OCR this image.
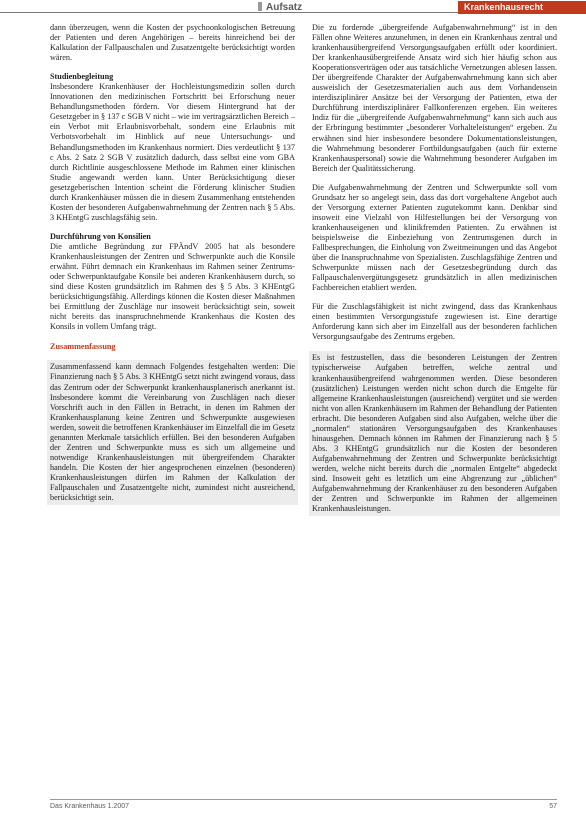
Aufsatz	Krankenhausrecht

dann überzeugen, wenn die Kosten der psychoonkologischen Betreuung der Patienten und deren Angehörigen – bereits hinreichend bei der Kalkulation der Fallpauschalen und Zusatzentgelte berücksichtigt worden wären.

Studienbegleitung

Insbesondere Krankenhäuser der Hochleistungsmedizin sollen durch Innovationen den medizinischen Fortschritt bei Erforschung neuer Behandlungsmethoden fördern. Vor diesem Hintergrund hat der Gesetzgeber in § 137 c SGB V nicht – wie im vertragsärztlichen Bereich – ein Verbot mit Erlaubnisvorbehalt, sondern eine Erlaubnis mit Verbotsvorbehalt im Hinblick auf neue Untersuchungs- und Behandlungsmethoden im Krankenhaus normiert. Dies verdeutlicht § 137 c Abs. 2 Satz 2 SGB V zusätzlich dadurch, dass selbst eine vom GBA durch Richtlinie ausgeschlossene Methode im Rahmen einer klinischen Studie angewandt werden kann. Unter Berücksichtigung dieser gesetzgeberischen Intention scheint die Förderung klinischer Studien durch Krankenhäuser müssen die in diesem Zusammenhang entstehenden Kosten der besonderen Aufgabenwahrnehmung der Zentren nach § 5 Abs. 3 KHEntgG zuschlagsfähig sein.

Durchführung von Konsilien

Die amtliche Begründung zur FPÄndV 2005 hat als besondere Krankenhausleistungen der Zentren und Schwerpunkte auch die Konsile erwähnt. Führt demnach ein Krankenhaus im Rahmen seiner Zentrums- oder Schwerpunktaufgabe Konsile bei anderen Krankenhäusern durch, so sind diese Kosten grundsätzlich im Rahmen des § 5 Abs. 3 KHEntgG berücksichtigungsfähig. Allerdings können die Kosten dieser Maßnahmen bei Ermittlung der Zuschläge nur insoweit berücksichtigt sein, soweit nicht bereits das inanspruchnehmende Krankenhaus die Kosten des Konsils in vollem Umfang trägt.

Zusammenfassung
Zusammenfassend kann demnach Folgendes festgehalten werden: Die Finanzierung nach § 5 Abs. 3 KHEntgG setzt nicht zwingend voraus, dass das Zentrum oder der Schwerpunkt krankenhausplanerisch anerkannt ist. Insbesondere kommt die Vereinbarung von Zuschlägen nach dieser Vorschrift auch in den Fällen in Betracht, in denen im Rahmen der Krankenhausplanung keine Zentren und Schwerpunkte ausgewiesen werden, soweit die betroffenen Krankenhäuser im Einzelfall die im Gesetz genannten Merkmale tatsächlich erfüllen. Bei den besonderen Aufgaben der Zentren und Schwerpunkte muss es sich um allgemeine und notwendige Krankenhausleistungen mit übergreifendem Charakter handeln. Die Kosten der hier angesprochenen einzelnen (besonderen) Krankenhausleistungen dürfen im Rahmen der Kalkulation der Fallpauschalen und Zusatzentgelte nicht, zumindest nicht ausreichend, berücksichtigt sein.

Die zu fordernde „übergreifende Aufgabenwahrnehmung“ ist in den Fällen ohne Weiteres anzunehmen, in denen ein Krankenhaus zentral und krankenhausübergreifend Versorgungsaufgaben erfüllt oder koordiniert. Der krankenhausübergreifende Ansatz wird sich hier häufig schon aus Kooperationsverträgen oder aus tatsächliche Vernetzungen ablesen lassen. Der übergreifende Charakter der Aufgabenwahrnehmung kann sich aber ausweislich der Gesetzesmaterialien auch aus dem Vorhandensein interdisziplinärer Ansätze bei der Versorgung der Patienten, etwa der Durchführung interdisziplinärer Fallkonferenzen ergeben. Ein weiteres Indiz für die „übergreifende Aufgabenwahrnehmung“ kann sich auch aus der Erbringung bestimmter „besonderer Vorhalteleistungen“ ergeben. Zu erwähnen sind hier insbesondere besondere Dokumentationsleistungen, die Wahrnehmung besonderer Fortbildungsaufgaben (auch für externe Krankenhauspersonal) sowie die Wahrnehmung besonderer Aufgaben im Bereich der Qualitätssicherung.

Die Aufgabenwahrnehmung der Zentren und Schwerpunkte soll vom Grundsatz her so angelegt sein, dass das dort vorgehaltene Angebot auch der Versorgung externer Patienten zugutekommt kann. Denkbar sind insoweit eine Vielzahl von Hilfestellungen bei der Versorgung von krankenhauseigenen und klinikfremden Patienten. Zu erwähnen ist beispielsweise die Einbeziehung von Zentrumsgenen durch in Fallbesprechungen, die Einholung von Zweitmeinungen und das Angebot über die Inanspruchnahme von Spezialisten. Zuschlagsfähige Zentren und Schwerpunkte müssen nach der Gesetzesbegründung durch das Fallpauschalenvergütungsgesetz grundsätzlich in allen medizinischen Fachbereichen etabliert werden.

Für die Zuschlagsfähigkeit ist nicht zwingend, dass das Krankenhaus einen bestimmten Versorgungsstufe zugewiesen ist. Eine derartige Anforderung kann sich aber im Einzelfall aus der besonderen fachlichen Versorgungsaufgabe des Zentrums ergeben.

Es ist festzustellen, dass die besonderen Leistungen der Zentren typischerweise Aufgaben betreffen, welche zentral und krankenhausübergreifend wahrgenommen werden. Diese besonderen (zusätzlichen) Leistungen werden nicht schon durch die Entgelte für allgemeine Krankenhausleistungen (ausreichend) vergütet und sie werden nicht von allen Krankenhäusern im Rahmen der Behandlung der Patienten erbracht. Die besonderen Aufgaben sind also Aufgaben, welche über die „normalen“ stationären Versorgungsaufgaben des Krankenhauses hinausgehen. Demnach können im Rahmen der Finanzierung nach § 5 Abs. 3 KHEntgG grundsätzlich nur die Kosten der besonderen Aufgabenwahrnehmung der Zentren und Schwerpunkte berücksichtigt werden, welche nicht bereits durch die „normalen Entgelte“ abgedeckt sind. Insoweit geht es letztlich um eine Abgrenzung zur „üblichen“ Aufgabenwahrnehmung der Krankenhäuser zu den besonderen Aufgaben der Zentren und Schwerpunkte im Rahmen der allgemeinen Krankenhausleistungen.
Das Krankenhaus 1.2007	57
